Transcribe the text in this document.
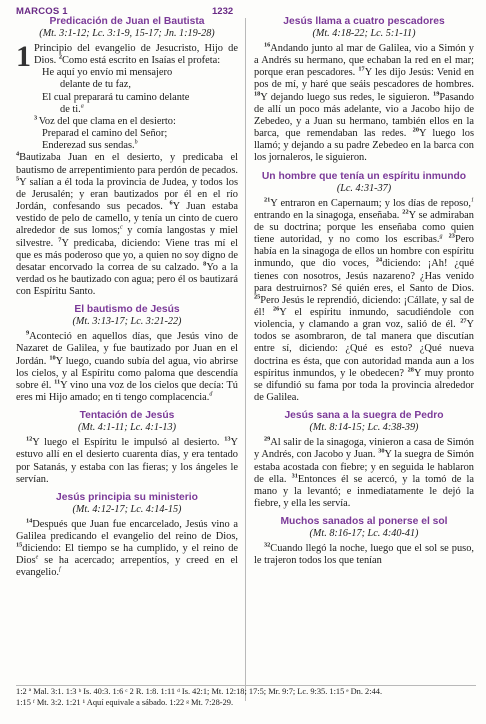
MARCOS 1	1232
Predicación de Juan el Bautista
(Mt. 3:1-12; Lc. 3:1-9, 15-17; Jn. 1:19-28)

1 Principio del evangelio de Jesucristo, Hijo de Dios. $^2$Como está escrito en Isaías el profeta:

He aquí yo envío mi mensajero
delante de tu faz,
El cual preparará tu camino delante
de ti.$^a$
$^3$ Voz del que clama en el desierto:
Preparad el camino del Señor;
Enderezad sus sendas.$^b$

$^4$Bautizaba Juan en el desierto, y predicaba el bautismo de arrepentimiento para perdón de pecados. $^5$Y salían a él toda la provincia de Judea, y todos los de Jerusalén; y eran bautizados por él en el río Jordán, confesando sus pecados. $^6$Y Juan estaba vestido de pelo de camello, y tenía un cinto de cuero alrededor de sus lomos;$^c$ y comía langostas y miel silvestre. $^7$Y predicaba, diciendo: Viene tras mí el que es más poderoso que yo, a quien no soy digno de desatar encorvado la correa de su calzado. $^8$Yo a la verdad os he bautizado con agua; pero él os bautizará con Espíritu Santo.

El bautismo de Jesús
(Mt. 3:13-17; Lc. 3:21-22)

$^9$Aconteció en aquellos días, que Jesús vino de Nazaret de Galilea, y fue bautizado por Juan en el Jordán. $^{10}$Y luego, cuando subía del agua, vio abrirse los cielos, y al Espíritu como paloma que descendía sobre él. $^{11}$Y vino una voz de los cielos que decía: Tú eres mi Hijo amado; en ti tengo complacencia.$^d$

Tentación de Jesús
(Mt. 4:1-11; Lc. 4:1-13)

$^{12}$Y luego el Espíritu le impulsó al desierto. $^{13}$Y estuvo allí en el desierto cuarenta días, y era tentado por Satanás, y estaba con las fieras; y los ángeles le servían.

Jesús principia su ministerio
(Mt. 4:12-17; Lc. 4:14-15)

$^{14}$Después que Juan fue encarcelado, Jesús vino a Galilea predicando el evangelio del reino de Dios, $^{15}$diciendo: El tiempo se ha cumplido, y el reino de Dios$^e$ se ha acercado; arrepentíos, y creed en el evangelio.$^f$

Jesús llama a cuatro pescadores
(Mt. 4:18-22; Lc. 5:1-11)

$^{16}$Andando junto al mar de Galilea, vio a Simón y a Andrés su hermano, que echaban la red en el mar; porque eran pescadores. $^{17}$Y les dijo Jesús: Venid en pos de mí, y haré que seáis pescadores de hombres. $^{18}$Y dejando luego sus redes, le siguieron. $^{19}$Pasando de allí un poco más adelante, vio a Jacobo hijo de Zebedeo, y a Juan su hermano, también ellos en la barca, que remendaban las redes. $^{20}$Y luego los llamó; y dejando a su padre Zebedeo en la barca con los jornaleros, le siguieron.

Un hombre que tenía un espíritu inmundo
(Lc. 4:31-37)

$^{21}$Y entraron en Capernaum; y los días de reposo,$^1$ entrando en la sinagoga, enseñaba. $^{22}$Y se admiraban de su doctrina; porque les enseñaba como quien tiene autoridad, y no como los escribas.$^g$ $^{23}$Pero había en la sinagoga de ellos un hombre con espíritu inmundo, que dio voces, $^{24}$diciendo: ¡Ah! ¿qué tienes con nosotros, Jesús nazareno? ¿Has venido para destruirnos? Sé quién eres, el Santo de Dios. $^{25}$Pero Jesús le reprendió, diciendo: ¡Cállate, y sal de él! $^{26}$Y el espíritu inmundo, sacudiéndole con violencia, y clamando a gran voz, salió de él. $^{27}$Y todos se asombraron, de tal manera que discutían entre sí, diciendo: ¿Qué es esto? ¿Qué nueva doctrina es ésta, que con autoridad manda aun a los espíritus inmundos, y le obedecen? $^{28}$Y muy pronto se difundió su fama por toda la provincia alrededor de Galilea.

Jesús sana a la suegra de Pedro
(Mt. 8:14-15; Lc. 4:38-39)

$^{29}$Al salir de la sinagoga, vinieron a casa de Simón y Andrés, con Jacobo y Juan. $^{30}$Y la suegra de Simón estaba acostada con fiebre; y en seguida le hablaron de ella. $^{31}$Entonces él se acercó, y la tomó de la mano y la levantó; e inmediatamente le dejó la fiebre, y ella les servía.

Muchos sanados al ponerse el sol
(Mt. 8:16-17; Lc. 4:40-41)

$^{32}$Cuando llegó la noche, luego que el sol se puso, le trajeron todos los que tenían

1:2 ª Mal. 3:1. 1:3 ᵇ Is. 40:3. 1:6 ᶜ 2 R. 1:8. 1:11 ᵈ Is. 42:1; Mt. 12:18; 17:5; Mr. 9:7; Lc. 9:35. 1:15 ᵉ Dn. 2:44.
1:15 ᶠ Mt. 3:2. 1:21 ¹ Aquí equivale a sábado. 1:22 ᵍ Mt. 7:28-29.
